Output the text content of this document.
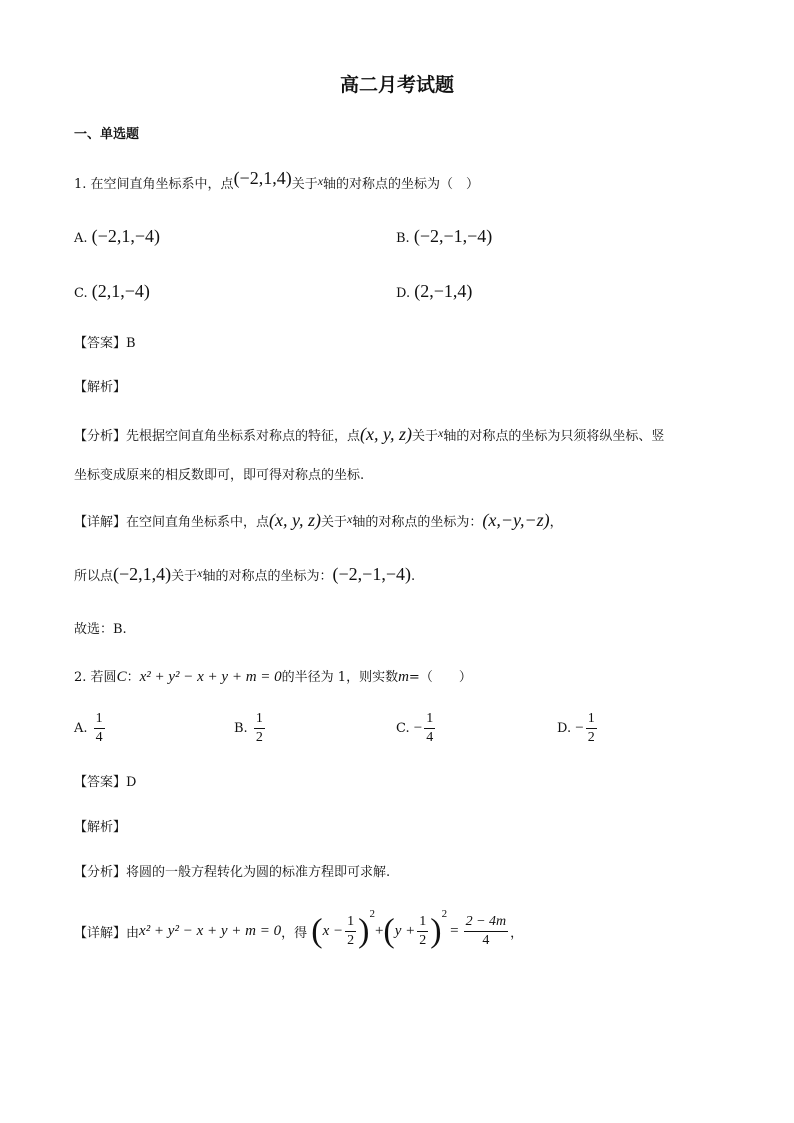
高二月考试题
一、单选题
1. 在空间直角坐标系中，点(−2,1,4)关于x轴的对称点的坐标为（　）
A. (−2,1,−4)	B. (−2,−1,−4)
C. (2,1,−4)	D. (2,−1,4)
【答案】B
【解析】
【分析】先根据空间直角坐标系对称点的特征，点(x, y, z)关于x轴的对称点的坐标为只须将纵坐标、竖
坐标变成原来的相反数即可，即可得对称点的坐标.
【详解】在空间直角坐标系中，点(x, y, z)关于x轴的对称点的坐标为：(x,−y,−z)，
所以点(−2,1,4)关于x轴的对称点的坐标为：(−2,−1,−4).
故选：B.
2. 若圆C：x² + y² − x + y + m = 0的半径为 1，则实数m=（　　）
A. $\frac{1}{4}$	B. $\frac{1}{2}$	C. − $\frac{1}{4}$	D. − $\frac{1}{2}$
【答案】D
【解析】
【分析】将圆的一般方程转化为圆的标准方程即可求解.
【详解】由x² + y² − x + y + m = 0，得 $(x - \frac{1}{2} )^2+(y + \frac{1}{2} )^2= \frac{2 - 4m}{4}$ ，
